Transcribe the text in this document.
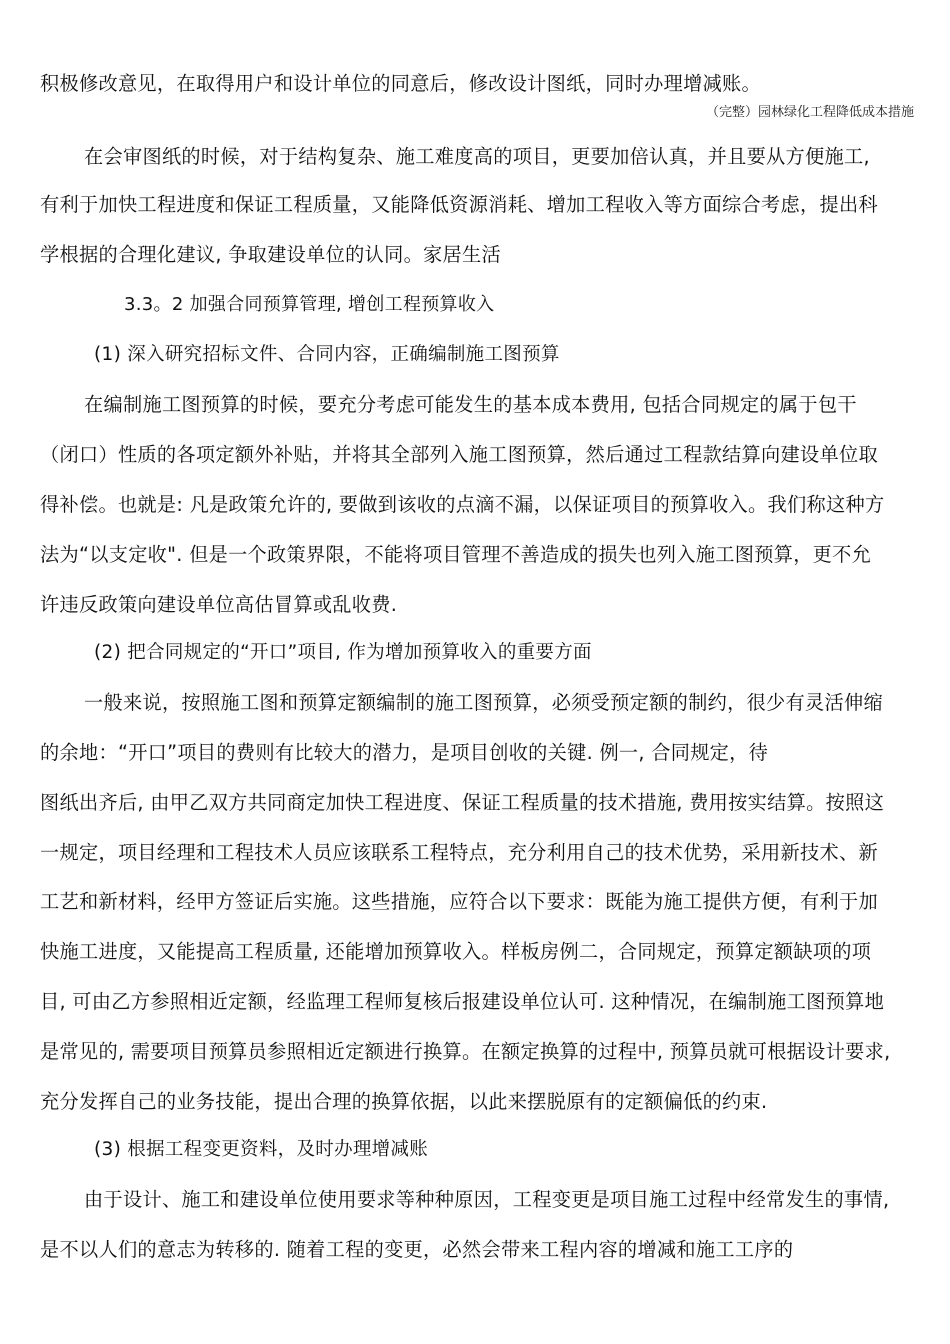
（完整）园林绿化工程降低成本措施
积极修改意见，在取得用户和设计单位的同意后，修改设计图纸，同时办理增减账。
在会审图纸的时候，对于结构复杂、施工难度高的项目，更要加倍认真，并且要从方便施工,
有利于加快工程进度和保证工程质量，又能降低资源消耗、增加工程收入等方面综合考虑，提出科
学根据的合理化建议, 争取建设单位的认同。家居生活
3.3。2 加强合同预算管理, 增创工程预算收入
(1) 深入研究招标文件、合同内容，正确编制施工图预算
在编制施工图预算的时候，要充分考虑可能发生的基本成本费用, 包括合同规定的属于包干
（闭口）性质的各项定额外补贴，并将其全部列入施工图预算，然后通过工程款结算向建设单位取
得补偿。也就是: 凡是政策允许的, 要做到该收的点滴不漏，以保证项目的预算收入。我们称这种方
法为“以支定收". 但是一个政策界限，不能将项目管理不善造成的损失也列入施工图预算，更不允
许违反政策向建设单位高估冒算或乱收费.
(2) 把合同规定的“开口”项目, 作为增加预算收入的重要方面
一般来说，按照施工图和预算定额编制的施工图预算，必须受预定额的制约，很少有灵活伸缩
的余地：“开口”项目的费则有比较大的潜力，是项目创收的关键. 例一, 合同规定，待
图纸出齐后, 由甲乙双方共同商定加快工程进度、保证工程质量的技术措施, 费用按实结算。按照这
一规定，项目经理和工程技术人员应该联系工程特点，充分利用自己的技术优势，采用新技术、新
工艺和新材料，经甲方签证后实施。这些措施，应符合以下要求：既能为施工提供方便，有利于加
快施工进度，又能提高工程质量, 还能增加预算收入。样板房例二，合同规定，预算定额缺项的项
目, 可由乙方参照相近定额，经监理工程师复核后报建设单位认可. 这种情况，在编制施工图预算地
是常见的, 需要项目预算员参照相近定额进行换算。在额定换算的过程中, 预算员就可根据设计要求,
充分发挥自己的业务技能，提出合理的换算依据，以此来摆脱原有的定额偏低的约束.
(3) 根据工程变更资料，及时办理增减账
由于设计、施工和建设单位使用要求等种种原因，工程变更是项目施工过程中经常发生的事情,
是不以人们的意志为转移的. 随着工程的变更，必然会带来工程内容的增减和施工工序的
